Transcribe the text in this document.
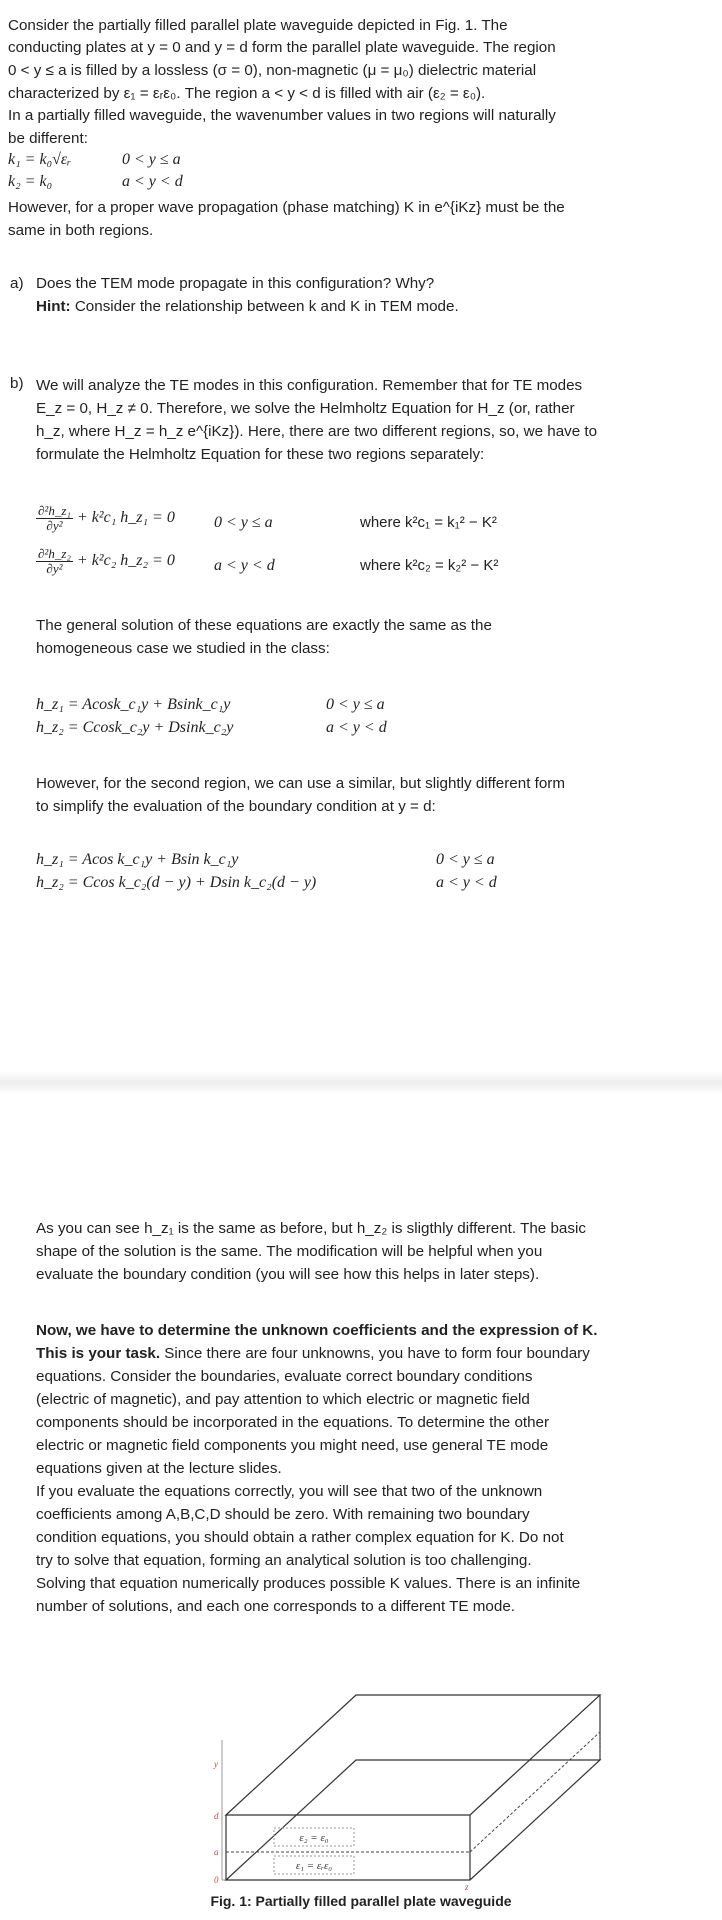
Consider the partially filled parallel plate waveguide depicted in Fig. 1. The
conducting plates at y = 0 and y = d form the parallel plate waveguide. The region
0 < y ≤ a is filled by a lossless (σ = 0), non-magnetic (μ = μ₀) dielectric material
characterized by ε₁ = εᵣε₀. The region a < y < d is filled with air (ε₂ = ε₀).
In a partially filled waveguide, the wavenumber values in two regions will naturally
be different:
k₁ = k₀√εᵣ	0 < y ≤ a
k₂ = k₀	a < y < d
However, for a proper wave propagation (phase matching) K in e^{iKz} must be the
same in both regions.
a) Does the TEM mode propagate in this configuration? Why?
Hint: Consider the relationship between k and K in TEM mode.
b) We will analyze the TE modes in this configuration. Remember that for TE modes
E_z = 0, H_z ≠ 0. Therefore, we solve the Helmholtz Equation for H_z (or, rather
h_z, where H_z = h_z e^{iKz}). Here, there are two different regions, so, we have to
formulate the Helmholtz Equation for these two regions separately:
$\frac{\text{∂²h\_z₁}}{\text{∂y²}} + k^2c_1$ h_z₁ = 0 0 < y ≤ a	where k²c₁ = k₁² − K²
$\frac{\text{∂²h\_z₂}}{\text{∂y²}} + k^2c_2$ h_z₂ = 0 a < y < d	where k²c₂ = k₂² − K²
The general solution of these equations are exactly the same as the
homogeneous case we studied in the class:
h_z₁ = Acosk_c₁y + Bsink_c₁y	0 < y ≤ a
h_z₂ = Ccosk_c₂y + Dsink_c₂y	a < y < d
However, for the second region, we can use a similar, but slightly different form
to simplify the evaluation of the boundary condition at y = d:
h_z₁ = Acos k_c₁y + Bsin k_c₁y	0 < y ≤ a
h_z₂ = Ccos k_c₂(d − y) + Dsin k_c₂(d − y)	a < y < d
As you can see h_z₁ is the same as before, but h_z₂ is sligthly different. The basic
shape of the solution is the same. The modification will be helpful when you
evaluate the boundary condition (you will see how this helps in later steps).
Now, we have to determine the unknown coefficients and the expression of K.
This is your task. Since there are four unknowns, you have to form four boundary
equations. Consider the boundaries, evaluate correct boundary conditions
(electric of magnetic), and pay attention to which electric or magnetic field
components should be incorporated in the equations. To determine the other
electric or magnetic field components you might need, use general TE mode
equations given at the lecture slides.
If you evaluate the equations correctly, you will see that two of the unknown
coefficients among A,B,C,D should be zero. With remaining two boundary
condition equations, you should obtain a rather complex equation for K. Do not
try to solve that equation, forming an analytical solution is too challenging.
Solving that equation numerically produces possible K values. There is an infinite
number of solutions, and each one corresponds to a different TE mode.
ε₂ = ε₀
ε₁ = εᵣε₀
y
d
a
0
z
Fig. 1: Partially filled parallel plate waveguide
